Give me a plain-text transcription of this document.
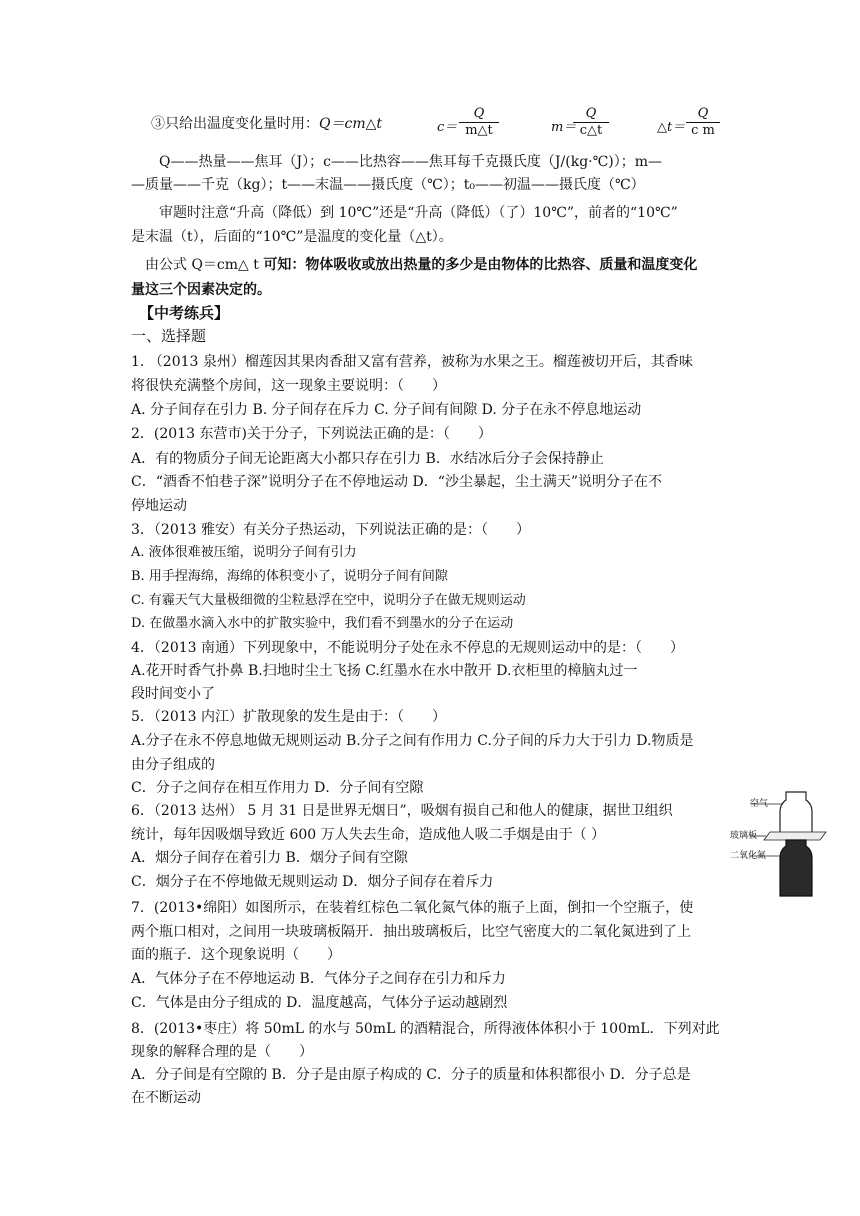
③只给出温度变化量时用：Q＝cm△t	$c= \frac{Q}{m\triangle t}$	m＝
$\frac{Q}{c\triangle t}$	△t＝ $\frac{Q}{\text{c m}}$
Q——热量——焦耳（J）；c——比热容——焦耳每千克摄氏度（J/(kg·℃)）；m—
—质量——千克（kg）；t——末温——摄氏度（℃）；t₀——初温——摄氏度（℃）
审题时注意“升高（降低）到 10℃”还是“升高（降低）（了）10℃”，前者的“10℃”
是末温（t），后面的“10℃”是温度的变化量（△t）。
由公式 Q＝cm△ t 可知：物体吸收或放出热量的多少是由物体的比热容、质量和温度变化
量这三个因素决定的。
【中考练兵】
一、选择题
1. （2013 泉州）榴莲因其果肉香甜又富有营养，被称为水果之王。榴莲被切开后，其香味
将很快充满整个房间，这一现象主要说明：（　　）
A. 分子间存在引力 B. 分子间存在斥力 C. 分子间有间隙 D. 分子在永不停息地运动
2．(2013 东营市)关于分子，下列说法正确的是：（　　）
A．有的物质分子间无论距离大小都只存在引力 B．水结冰后分子会保持静止
C．“酒香不怕巷子深”说明分子在不停地运动 D．“沙尘暴起，尘土满天”说明分子在不
停地运动
3．（2013 雅安）有关分子热运动，下列说法正确的是：（　　）
A. 液体很难被压缩，说明分子间有引力
B. 用手捏海绵，海绵的体积变小了，说明分子间有间隙
C. 有霾天气大量极细微的尘粒悬浮在空中，说明分子在做无规则运动
D. 在做墨水滴入水中的扩散实验中，我们看不到墨水的分子在运动
4．（2013 南通）下列现象中，不能说明分子处在永不停息的无规则运动中的是：（　　）
A.花开时香气扑鼻 B.扫地时尘土飞扬 C.红墨水在水中散开 D.衣柜里的樟脑丸过一
段时间变小了
5．（2013 内江）扩散现象的发生是由于：（　　）
A.分子在永不停息地做无规则运动 B.分子之间有作用力 C.分子间的斥力大于引力 D.物质是
由分子组成的
C．分子之间存在相互作用力 D．分子间有空隙
6．（2013 达州） 5 月 31 日是世界无烟日”，吸烟有损自己和他人的健康，据世卫组织
统计，每年因吸烟导致近 600 万人失去生命，造成他人吸二手烟是由于（ ）
A．烟分子间存在着引力 B．烟分子间有空隙
C．烟分子在不停地做无规则运动 D．烟分子间存在着斥力
7．(2013•绵阳）如图所示，在装着红棕色二氧化氮气体的瓶子上面，倒扣一个空瓶子，使
两个瓶口相对，之间用一块玻璃板隔开．抽出玻璃板后，比空气密度大的二氧化氮进到了上
面的瓶子．这个现象说明（　　）
A．气体分子在不停地运动 B．气体分子之间存在引力和斥力
C．气体是由分子组成的 D．温度越高，气体分子运动越剧烈
8．(2013•枣庄）将 50mL 的水与 50mL 的酒精混合，所得液体体积小于 100mL．下列对此
现象的解释合理的是（　　）
A．分子间是有空隙的 B．分子是由原子构成的 C．分子的质量和体积都很小 D．分子总是
在不断运动
空气
玻璃板
二氧化氮
